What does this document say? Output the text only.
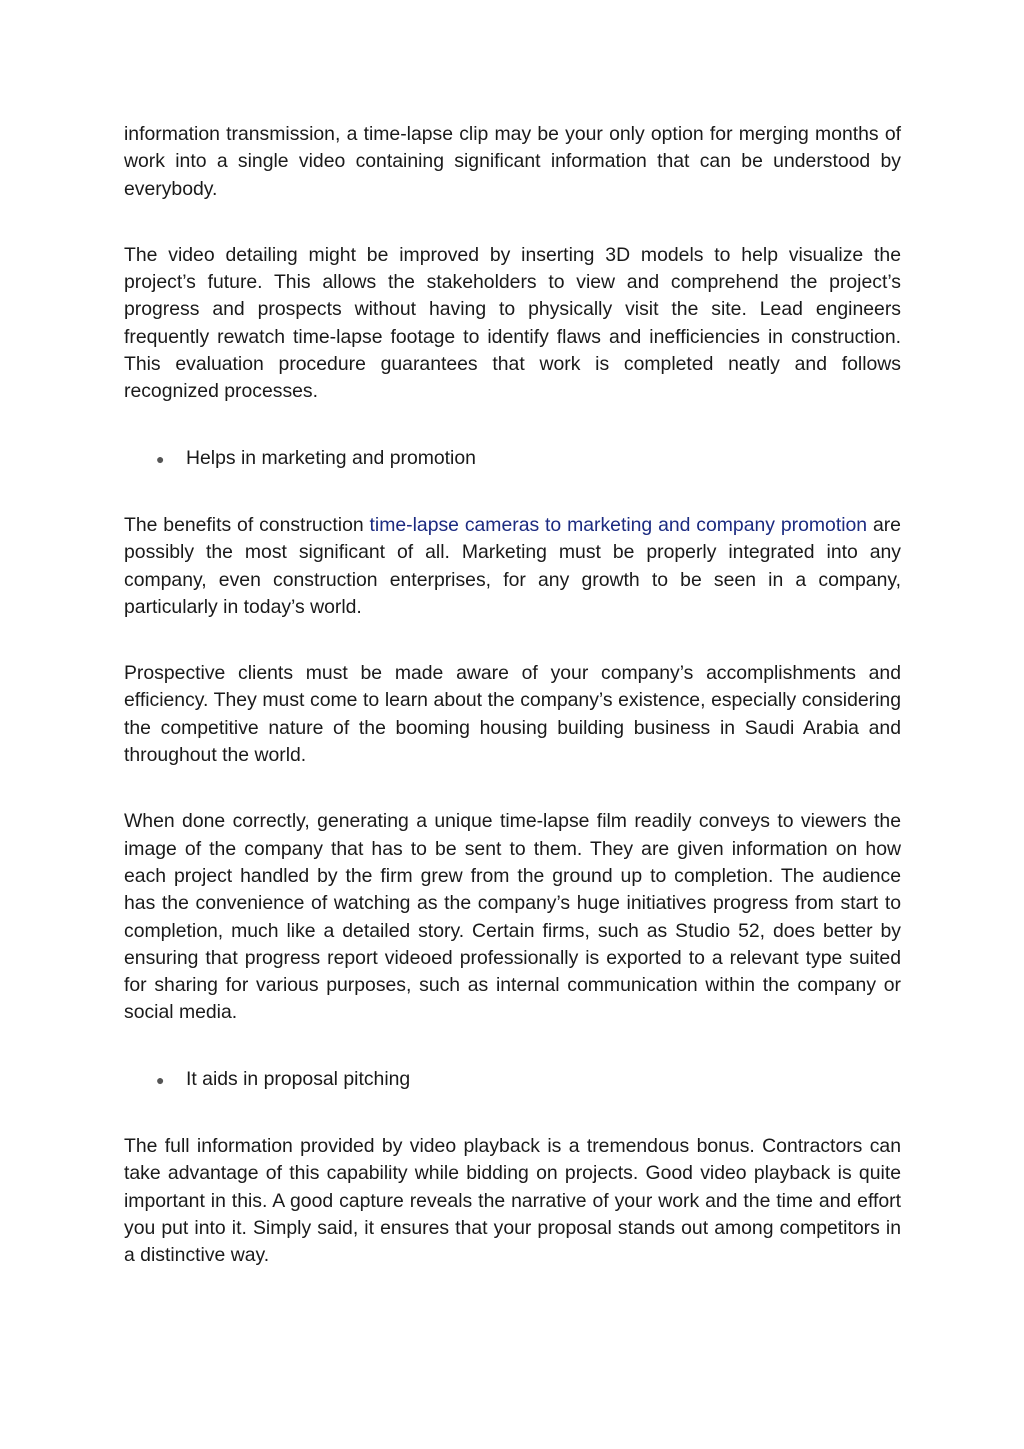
information transmission, a time-lapse clip may be your only option for merging months of work into a single video containing significant information that can be understood by everybody.

The video detailing might be improved by inserting 3D models to help visualize the project’s future. This allows the stakeholders to view and comprehend the project’s progress and prospects without having to physically visit the site. Lead engineers frequently rewatch time-lapse footage to identify flaws and inefficiencies in construction. This evaluation procedure guarantees that work is completed neatly and follows recognized processes.

●	Helps in marketing and promotion

The benefits of construction time-lapse cameras to marketing and company promotion are possibly the most significant of all. Marketing must be properly integrated into any company, even construction enterprises, for any growth to be seen in a company, particularly in today’s world.

Prospective clients must be made aware of your company’s accomplishments and efficiency. They must come to learn about the company’s existence, especially considering the competitive nature of the booming housing building business in Saudi Arabia and throughout the world.

When done correctly, generating a unique time-lapse film readily conveys to viewers the image of the company that has to be sent to them. They are given information on how each project handled by the firm grew from the ground up to completion. The audience has the convenience of watching as the company’s huge initiatives progress from start to completion, much like a detailed story. Certain firms, such as Studio 52, does better by ensuring that progress report videoed professionally is exported to a relevant type suited for sharing for various purposes, such as internal communication within the company or social media.

●	It aids in proposal pitching

The full information provided by video playback is a tremendous bonus. Contractors can take advantage of this capability while bidding on projects. Good video playback is quite important in this. A good capture reveals the narrative of your work and the time and effort you put into it. Simply said, it ensures that your proposal stands out among competitors in a distinctive way.
